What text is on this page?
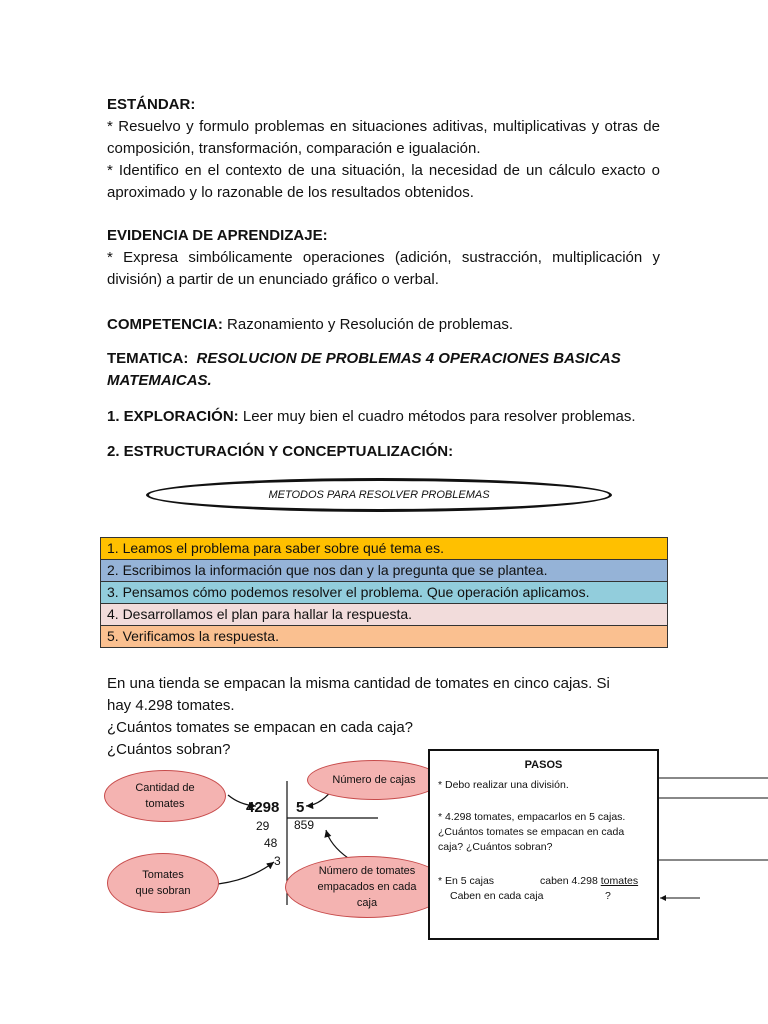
ESTÁNDAR:
* Resuelvo y formulo problemas en situaciones aditivas, multiplicativas y otras de composición, transformación, comparación e igualación.
* Identifico en el contexto de una situación, la necesidad de un cálculo exacto o aproximado y lo razonable de los resultados obtenidos.
EVIDENCIA DE APRENDIZAJE:
* Expresa simbólicamente operaciones (adición, sustracción, multiplicación y división) a partir de un enunciado gráfico o verbal.
COMPETENCIA: Razonamiento y Resolución de problemas.
TEMATICA: RESOLUCION DE PROBLEMAS 4 OPERACIONES BASICAS MATEMAICAS.
1. EXPLORACIÓN: Leer muy bien el cuadro métodos para resolver problemas.
2. ESTRUCTURACIÓN Y CONCEPTUALIZACIÓN:
METODOS PARA RESOLVER PROBLEMAS
1. Leamos el problema para saber sobre qué tema es.
2. Escribimos la información que nos dan y la pregunta que se plantea.
3. Pensamos cómo podemos resolver el problema. Que operación aplicamos.
4. Desarrollamos el plan para hallar la respuesta.
5. Verificamos la respuesta.
En una tienda se empacan la misma cantidad de tomates en cinco cajas. Si
hay 4.298 tomates.
¿Cuántos tomates se empacan en cada caja?
¿Cuántos sobran?
Cantidad de tomates
Tomates que sobran
Número de cajas
Número de tomates empacados en cada caja
4298 5
859
29
48
3
PASOS
* Debo realizar una división.
* 4.298 tomates, empacarlos en 5 cajas. ¿Cuántos tomates se empacan en cada caja? ¿Cuántos sobran?
* En 5 cajas	caben 4.298 tomates
Caben en cada caja	?
